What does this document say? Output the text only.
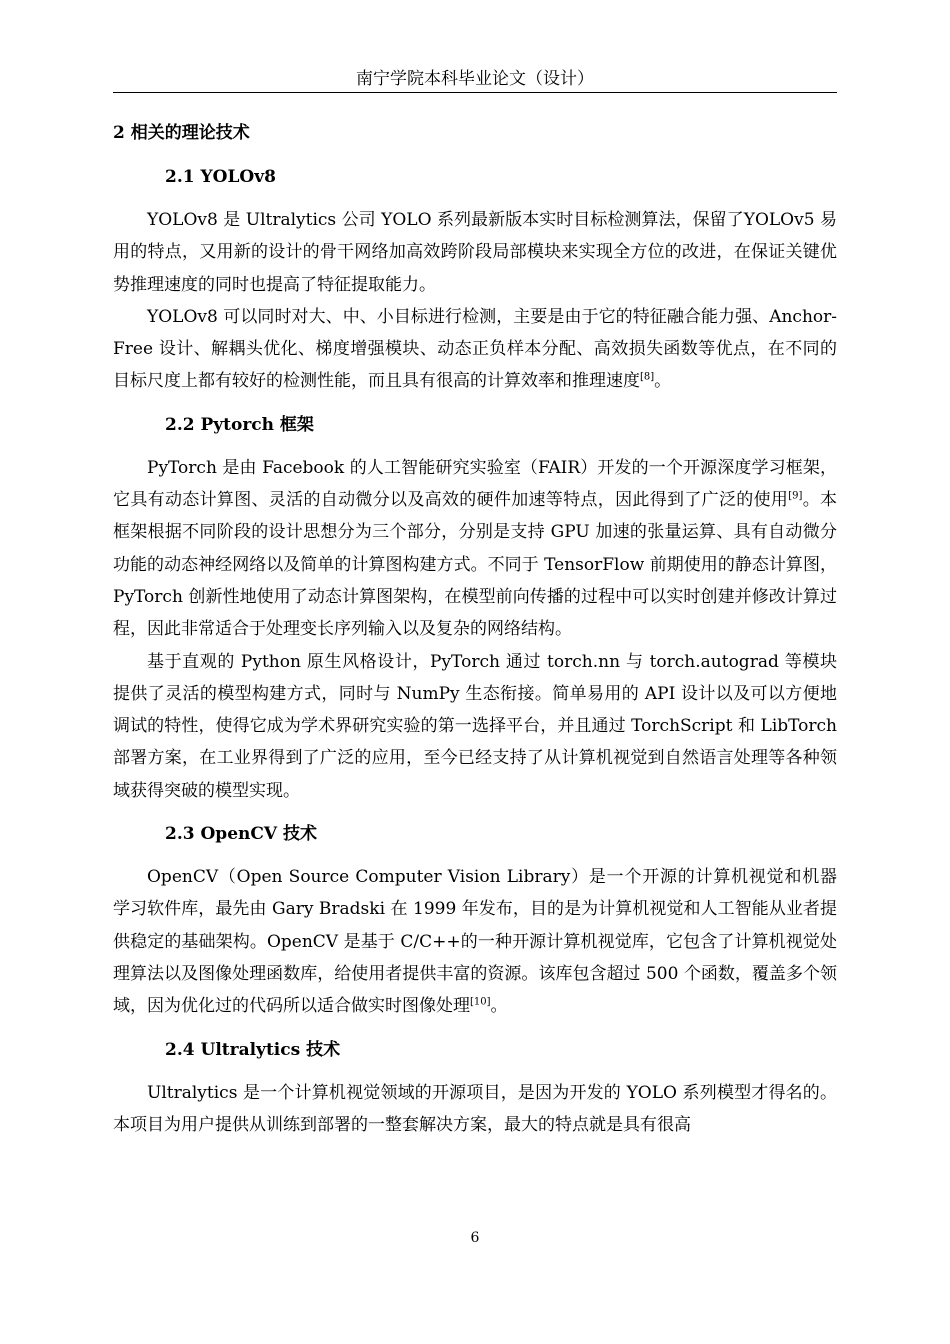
南宁学院本科毕业论文（设计）
2 相关的理论技术
2.1 YOLOv8

YOLOv8 是 Ultralytics 公司 YOLO 系列最新版本实时目标检测算法，保留了YOLOv5 易用的特点，又用新的设计的骨干网络加高效跨阶段局部模块来实现全方位的改进，在保证关键优势推理速度的同时也提高了特征提取能力。

YOLOv8 可以同时对大、中、小目标进行检测，主要是由于它的特征融合能力强、Anchor-Free 设计、解耦头优化、梯度增强模块、动态正负样本分配、高效损失函数等优点，在不同的目标尺度上都有较好的检测性能，而且具有很高的计算效率和推理速度[8]。

2.2 Pytorch 框架

PyTorch 是由 Facebook 的人工智能研究实验室（FAIR）开发的一个开源深度学习框架，它具有动态计算图、灵活的自动微分以及高效的硬件加速等特点，因此得到了广泛的使用[9]。本框架根据不同阶段的设计思想分为三个部分，分别是支持 GPU 加速的张量运算、具有自动微分功能的动态神经网络以及简单的计算图构建方式。不同于 TensorFlow 前期使用的静态计算图，PyTorch 创新性地使用了动态计算图架构，在模型前向传播的过程中可以实时创建并修改计算过程，因此非常适合于处理变长序列输入以及复杂的网络结构。

基于直观的 Python 原生风格设计，PyTorch 通过 torch.nn 与 torch.autograd 等模块提供了灵活的模型构建方式，同时与 NumPy 生态衔接。简单易用的 API 设计以及可以方便地调试的特性，使得它成为学术界研究实验的第一选择平台，并且通过 TorchScript 和 LibTorch 部署方案，在工业界得到了广泛的应用，至今已经支持了从计算机视觉到自然语言处理等各种领域获得突破的模型实现。

2.3 OpenCV 技术

OpenCV（Open Source Computer Vision Library）是一个开源的计算机视觉和机器学习软件库，最先由 Gary Bradski 在 1999 年发布，目的是为计算机视觉和人工智能从业者提供稳定的基础架构。OpenCV 是基于 C/C++的一种开源计算机视觉库，它包含了计算机视觉处理算法以及图像处理函数库，给使用者提供丰富的资源。该库包含超过 500 个函数，覆盖多个领域，因为优化过的代码所以适合做实时图像处理[10]。

2.4 Ultralytics 技术

Ultralytics 是一个计算机视觉领域的开源项目，是因为开发的 YOLO 系列模型才得名的。本项目为用户提供从训练到部署的一整套解决方案，最大的特点就是具有很高

6
